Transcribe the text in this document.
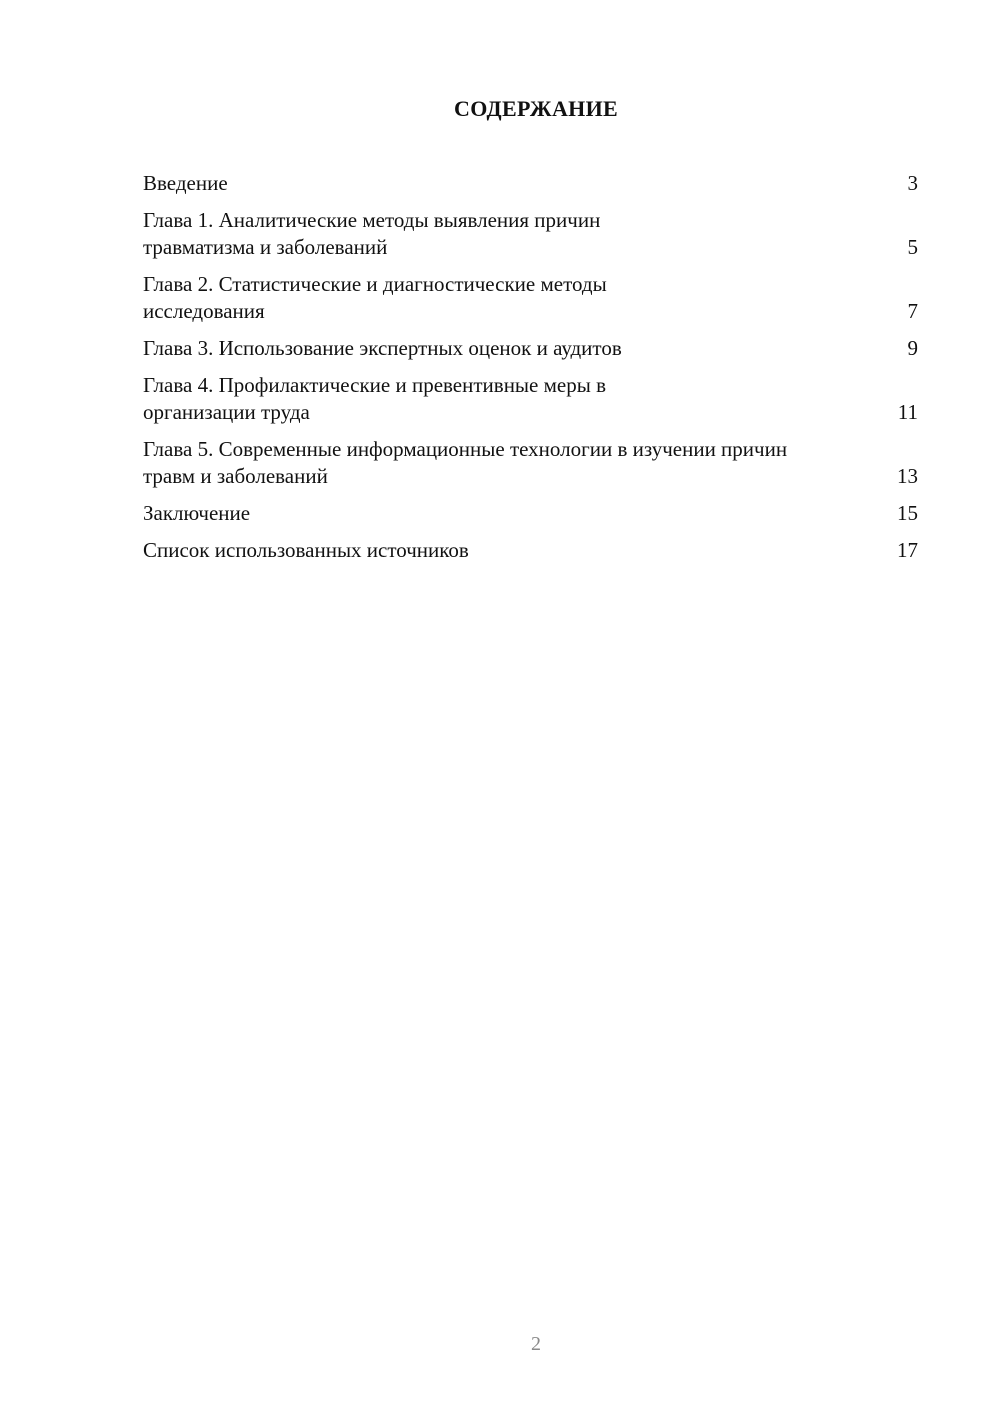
СОДЕРЖАНИЕ
Введение	3
Глава 1. Аналитические методы выявления причин травматизма и заболеваний	5
Глава 2. Статистические и диагностические методы исследования	7
Глава 3. Использование экспертных оценок и аудитов	9
Глава 4. Профилактические и превентивные меры в организации труда	11
Глава 5. Современные информационные технологии в изучении причин травм и заболеваний	13
Заключение	15
Список использованных источников	17
2
